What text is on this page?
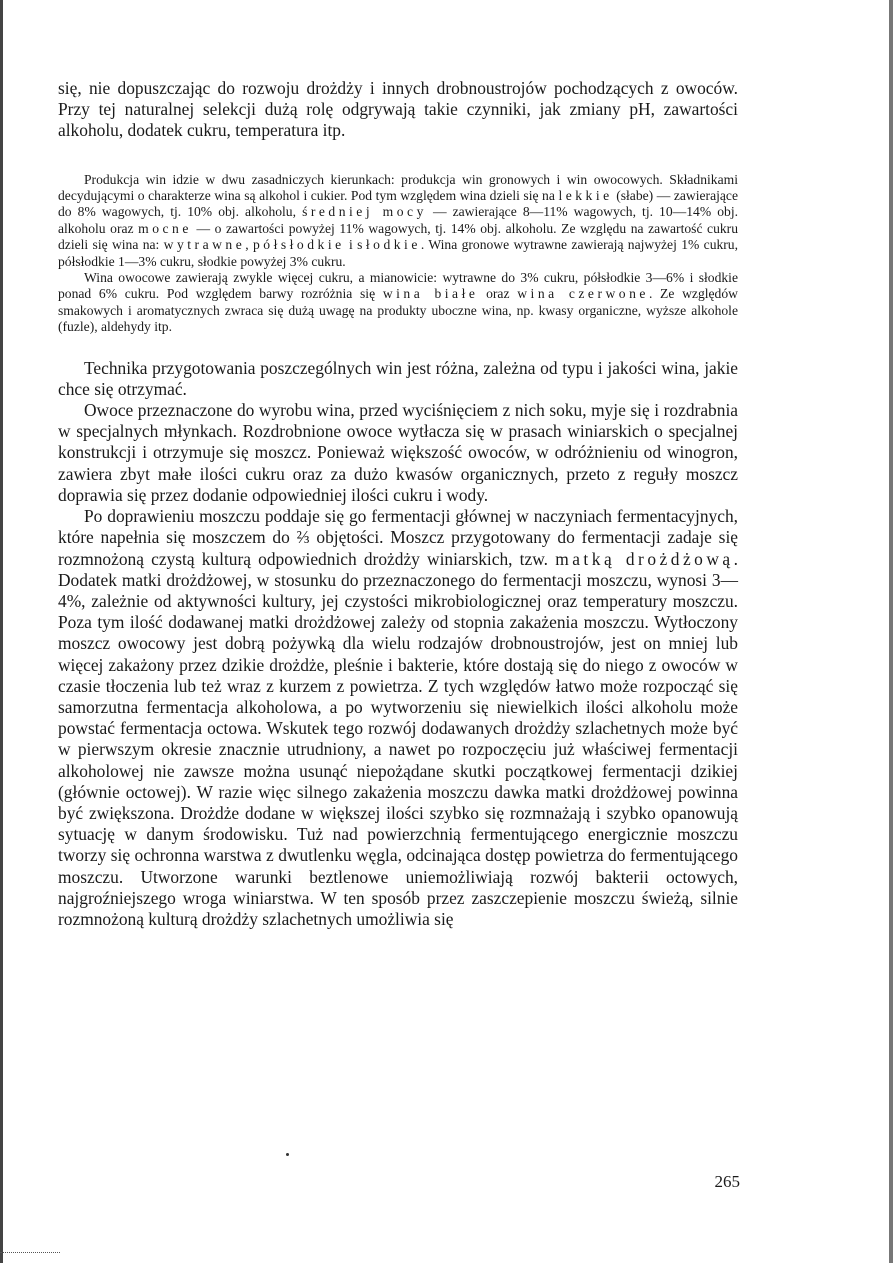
się, nie dopuszczając do rozwoju drożdży i innych drobnoustrojów pochodzących z owoców. Przy tej naturalnej selekcji dużą rolę odgrywają takie czynniki, jak zmiany pH, zawartości alkoholu, dodatek cukru, temperatura itp.

Produkcja win idzie w dwu zasadniczych kierunkach: produkcja win gronowych i win owocowych. Składnikami decydującymi o charakterze wina są alkohol i cukier. Pod tym względem wina dzieli się na lekkie (słabe) — zawierające do 8% wagowych, tj. 10% obj. alkoholu, średniej mocy — zawierające 8—11% wagowych, tj. 10—14% obj. alkoholu oraz mocne — o zawartości powyżej 11% wagowych, tj. 14% obj. alkoholu. Ze względu na zawartość cukru dzieli się wina na: wytrawne, półsłodkie i słodkie. Wina gronowe wytrawne zawierają najwyżej 1% cukru, półsłodkie 1—3% cukru, słodkie powyżej 3% cukru.

Wina owocowe zawierają zwykle więcej cukru, a mianowicie: wytrawne do 3% cukru, półsłodkie 3—6% i słodkie ponad 6% cukru. Pod względem barwy rozróżnia się wina białe oraz wina czerwone. Ze względów smakowych i aromatycznych zwraca się dużą uwagę na produkty uboczne wina, np. kwasy organiczne, wyższe alkohole (fuzle), aldehydy itp.

Technika przygotowania poszczególnych win jest różna, zależna od typu i jakości wina, jakie chce się otrzymać.

Owoce przeznaczone do wyrobu wina, przed wyciśnięciem z nich soku, myje się i rozdrabnia w specjalnych młynkach. Rozdrobnione owoce wytłacza się w prasach winiarskich o specjalnej konstrukcji i otrzymuje się moszcz. Ponieważ większość owoców, w odróżnieniu od winogron, zawiera zbyt małe ilości cukru oraz za dużo kwasów organicznych, przeto z reguły moszcz doprawia się przez dodanie odpowiedniej ilości cukru i wody.

Po doprawieniu moszczu poddaje się go fermentacji głównej w naczyniach fermentacyjnych, które napełnia się moszczem do ⅔ objętości. Moszcz przygotowany do fermentacji zadaje się rozmnożoną czystą kulturą odpowiednich drożdży winiarskich, tzw. matką drożdżową. Dodatek matki drożdżowej, w stosunku do przeznaczonego do fermentacji moszczu, wynosi 3—4%, zależnie od aktywności kultury, jej czystości mikrobiologicznej oraz temperatury moszczu. Poza tym ilość dodawanej matki drożdżowej zależy od stopnia zakażenia moszczu. Wytłoczony moszcz owocowy jest dobrą pożywką dla wielu rodzajów drobnoustrojów, jest on mniej lub więcej zakażony przez dzikie drożdże, pleśnie i bakterie, które dostają się do niego z owoców w czasie tłoczenia lub też wraz z kurzem z powietrza. Z tych względów łatwo może rozpocząć się samorzutna fermentacja alkoholowa, a po wytworzeniu się niewielkich ilości alkoholu może powstać fermentacja octowa. Wskutek tego rozwój dodawanych drożdży szlachetnych może być w pierwszym okresie znacznie utrudniony, a nawet po rozpoczęciu już właściwej fermentacji alkoholowej nie zawsze można usunąć niepożądane skutki początkowej fermentacji dzikiej (głównie octowej). W razie więc silnego zakażenia moszczu dawka matki drożdżowej powinna być zwiększona. Drożdże dodane w większej ilości szybko się rozmnażają i szybko opanowują sytuację w danym środowisku. Tuż nad powierzchnią fermentującego energicznie moszczu tworzy się ochronna warstwa z dwutlenku węgla, odcinająca dostęp powietrza do fermentującego moszczu. Utworzone warunki beztlenowe uniemożliwiają rozwój bakterii octowych, najgroźniejszego wroga winiarstwa. W ten sposób przez zaszczepienie moszczu świeżą, silnie rozmnożoną kulturą drożdży szlachetnych umożliwia się

265
